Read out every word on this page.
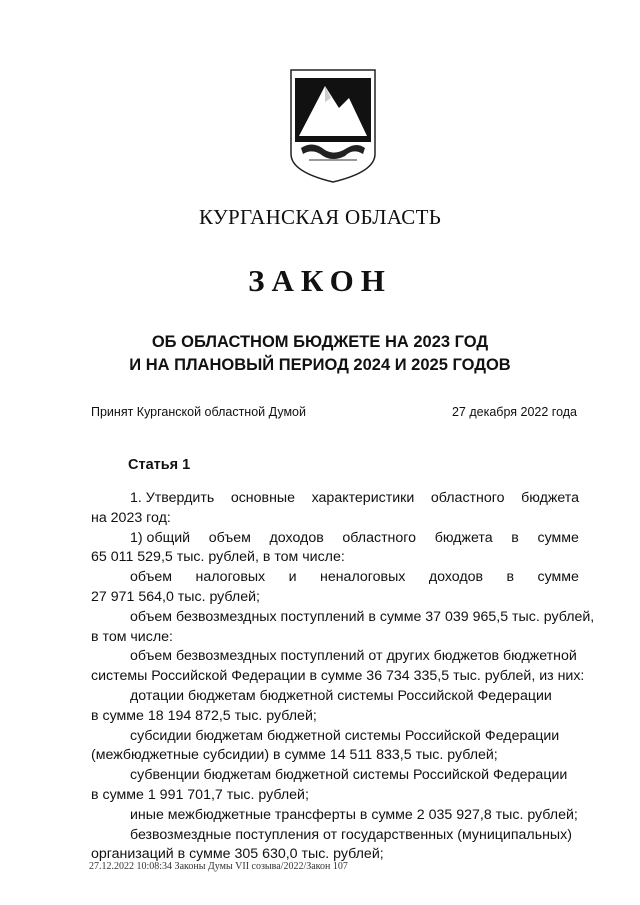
КУРГАНСКАЯ ОБЛАСТЬ
ЗАКОН
ОБ ОБЛАСТНОМ БЮДЖЕТЕ НА 2023 ГОД
И НА ПЛАНОВЫЙ ПЕРИОД 2024 И 2025 ГОДОВ
Принят Курганской областной Думой	27 декабря 2022 года
Статья 1
1. Утвердить основные характеристики областного бюджета
на 2023 год:
1) общий объем доходов областного бюджета в сумме
65 011 529,5 тыс. рублей, в том числе:
объем налоговых и неналоговых доходов в сумме
27 971 564,0 тыс. рублей;
объем безвозмездных поступлений в сумме 37 039 965,5 тыс. рублей,
в том числе:
объем безвозмездных поступлений от других бюджетов бюджетной
системы Российской Федерации в сумме 36 734 335,5 тыс. рублей, из них:
дотации бюджетам бюджетной системы Российской Федерации
в сумме 18 194 872,5 тыс. рублей;
субсидии бюджетам бюджетной системы Российской Федерации
(межбюджетные субсидии) в сумме 14 511 833,5 тыс. рублей;
субвенции бюджетам бюджетной системы Российской Федерации
в сумме 1 991 701,7 тыс. рублей;
иные межбюджетные трансферты в сумме 2 035 927,8 тыс. рублей;
безвозмездные поступления от государственных (муниципальных)
организаций в сумме 305 630,0 тыс. рублей;
27.12.2022 10:08:34 Законы Думы VII созыва/2022/Закон 107
